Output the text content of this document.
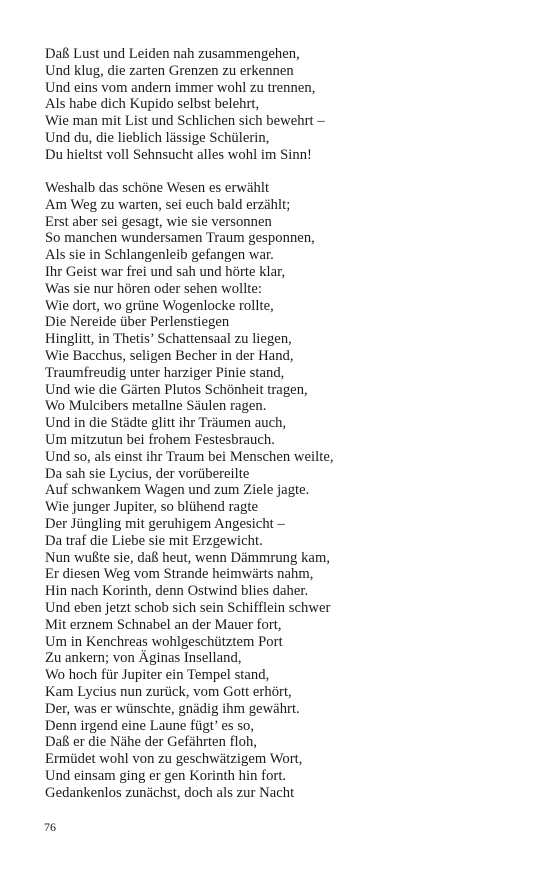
Daß Lust und Leiden nah zusammengehen,
Und klug, die zarten Grenzen zu erkennen
Und eins vom andern immer wohl zu trennen,
Als habe dich Kupido selbst belehrt,
Wie man mit List und Schlichen sich bewehrt –
Und du, die lieblich lässige Schülerin,
Du hieltst voll Sehnsucht alles wohl im Sinn!
Weshalb das schöne Wesen es erwählt
Am Weg zu warten, sei euch bald erzählt;
Erst aber sei gesagt, wie sie versonnen
So manchen wundersamen Traum gesponnen,
Als sie in Schlangenleib gefangen war.
Ihr Geist war frei und sah und hörte klar,
Was sie nur hören oder sehen wollte:
Wie dort, wo grüne Wogenlocke rollte,
Die Nereide über Perlenstiegen
Hinglitt, in Thetis’ Schattensaal zu liegen,
Wie Bacchus, seligen Becher in der Hand,
Traumfreudig unter harziger Pinie stand,
Und wie die Gärten Plutos Schönheit tragen,
Wo Mulcibers metallne Säulen ragen.
Und in die Städte glitt ihr Träumen auch,
Um mitzutun bei frohem Festesbrauch.
Und so, als einst ihr Traum bei Menschen weilte,
Da sah sie Lycius, der vorübereilte
Auf schwankem Wagen und zum Ziele jagte.
Wie junger Jupiter, so blühend ragte
Der Jüngling mit geruhigem Angesicht –
Da traf die Liebe sie mit Erzgewicht.
Nun wußte sie, daß heut, wenn Dämmrung kam,
Er diesen Weg vom Strande heimwärts nahm,
Hin nach Korinth, denn Ostwind blies daher.
Und eben jetzt schob sich sein Schifflein schwer
Mit erznem Schnabel an der Mauer fort,
Um in Kenchreas wohlgeschütztem Port
Zu ankern; von Äginas Inselland,
Wo hoch für Jupiter ein Tempel stand,
Kam Lycius nun zurück, vom Gott erhört,
Der, was er wünschte, gnädig ihm gewährt.
Denn irgend eine Laune fügt’ es so,
Daß er die Nähe der Gefährten floh,
Ermüdet wohl von zu geschwätzigem Wort,
Und einsam ging er gen Korinth hin fort.
Gedankenlos zunächst, doch als zur Nacht
76
